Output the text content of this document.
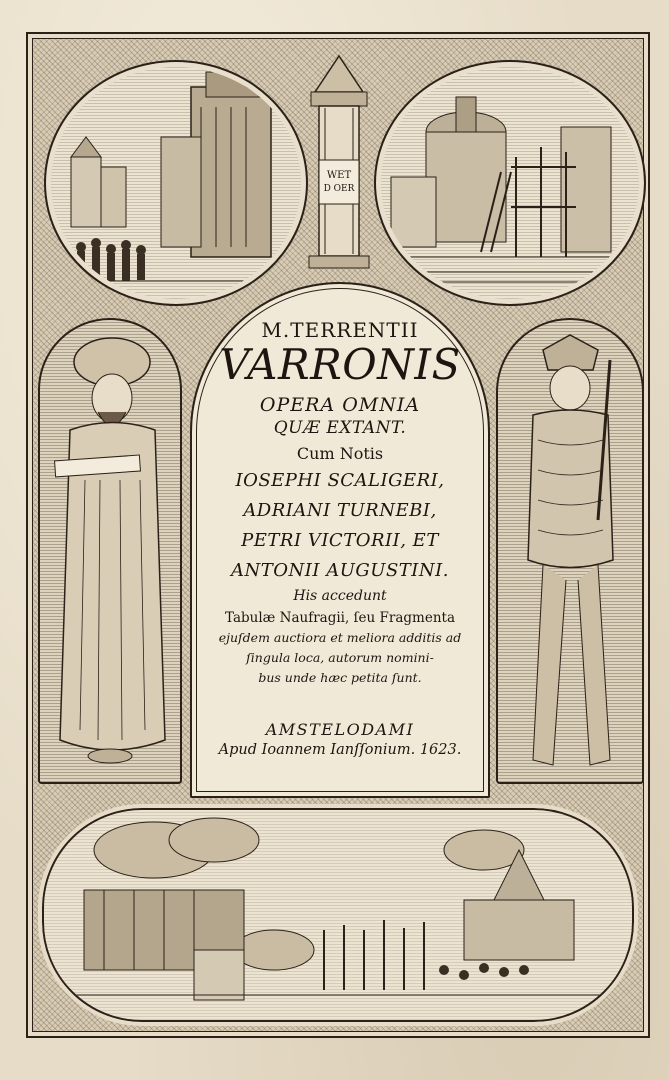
WET
D OER
M.TERRENTII
VARRONIS
OPERA OMNIA
QUÆ EXTANT.
Cum Notis
IOSEPHI SCALIGERI,
ADRIANI TURNEBI,
PETRI VICTORII, ET
ANTONII AUGUSTINI.
His accedunt
Tabulæ Naufragii, ſeu Fragmenta
ejuſdem auctiora et meliora additis ad
ſingula loca, autorum nomini-
bus unde hæc petita ſunt.
AMSTELODAMI
Apud Ioannem Ianſſonium. 1623.
